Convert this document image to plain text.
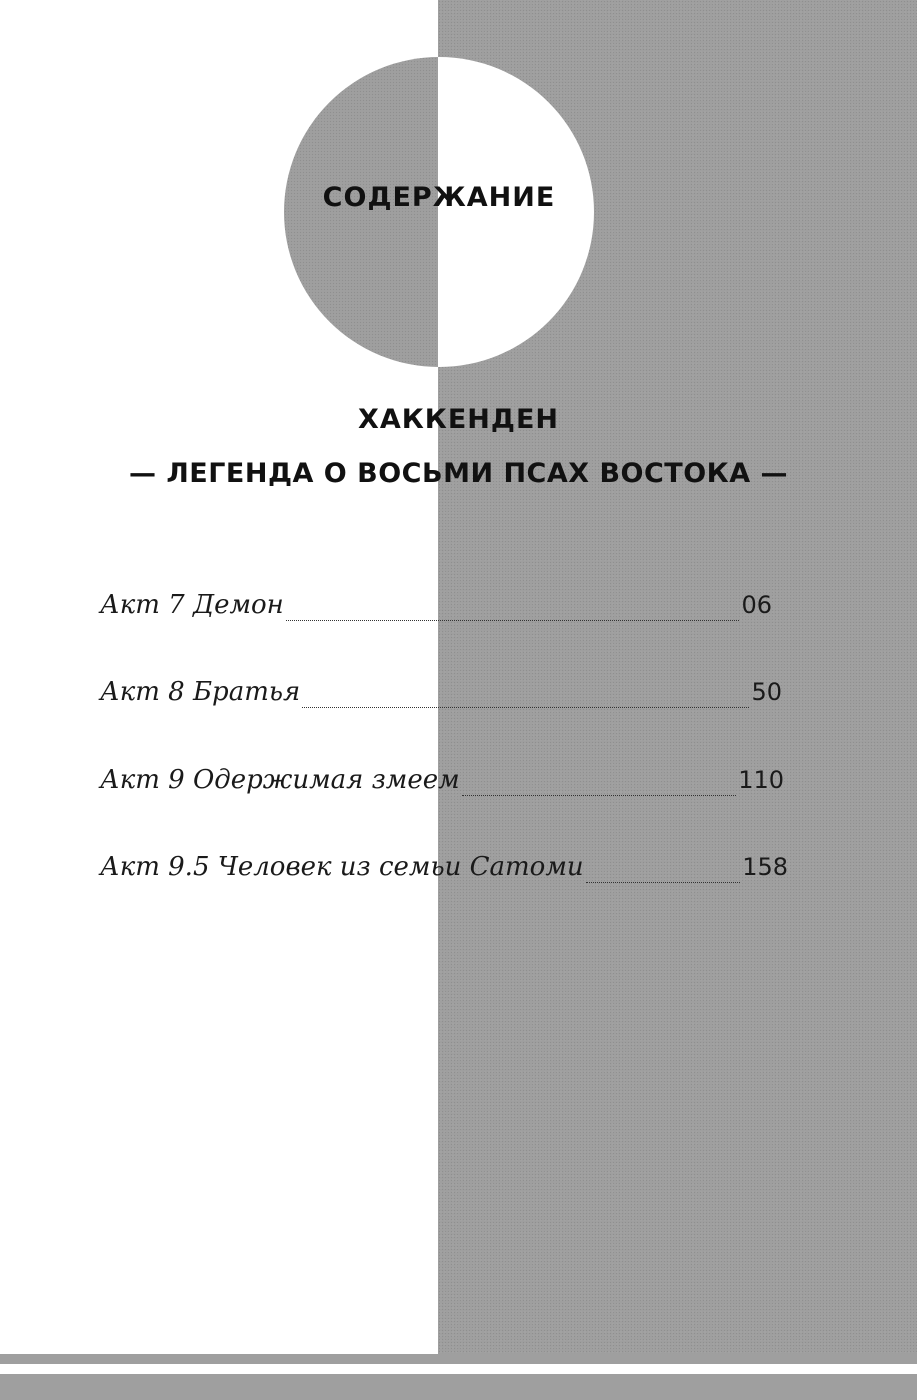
СОДЕРЖАНИЕ
ХАККЕНДЕН
— ЛЕГЕНДА О ВОСЬМИ ПСАХ ВОСТОКА —
Акт 7 Демон	06
Акт 8 Братья	50
Акт 9 Одержимая змеем	110
Акт 9.5 Человек из семьи Сатоми	158
